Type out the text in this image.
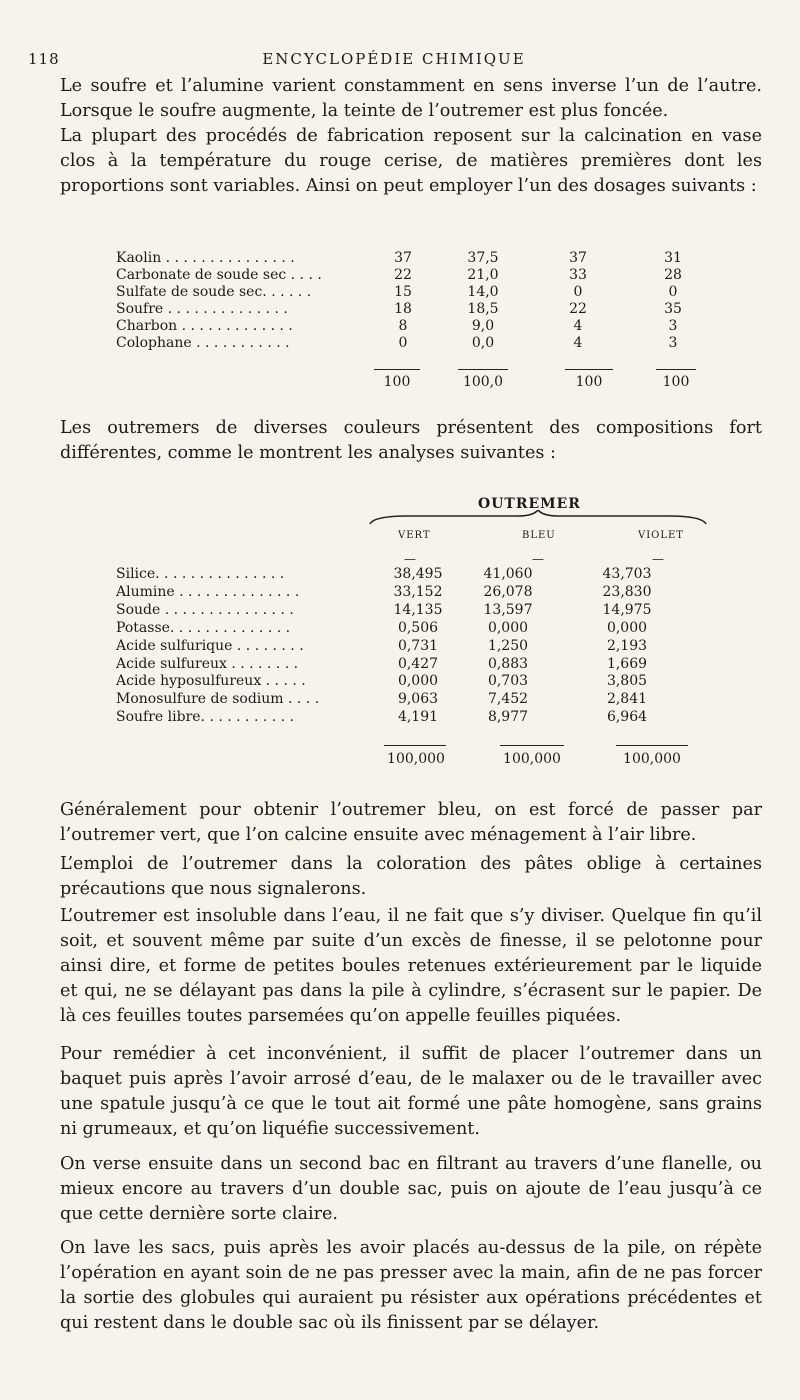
118	ENCYCLOPÉDIE CHIMIQUE

Le soufre et l’alumine varient constamment en sens inverse l’un de l’autre. Lorsque le soufre augmente, la teinte de l’outremer est plus foncée.

La plupart des procédés de fabrication reposent sur la calcination en vase clos à la température du rouge cerise, de matières premières dont les proportions sont variables. Ainsi on peut employer l’un des dosages suivants :

Kaolin . . . . . . . . . . . . . . .	37	37,5	37	31
Carbonate de soude sec . . . .	22	21,0	33	28
Sulfate de soude sec. . . . . .	15	14,0	0	0
Soufre . . . . . . . . . . . . . .	18	18,5	22	35
Charbon . . . . . . . . . . . . .	8	9,0	4	3
Colophane . . . . . . . . . . .	0	0,0	4	3
100	100,0	100	100

Les outremers de diverses couleurs présentent des compositions fort différentes, comme le montrent les analyses suivantes :

OUTREMER
VERT	BLEU	VIOLET
—	—	—
Silice. . . . . . . . . . . . . . .	38,495	41,060	43,703
Alumine . . . . . . . . . . . . . .	33,152	26,078	23,830
Soude . . . . . . . . . . . . . . .	14,135	13,597	14,975
Potasse. . . . . . . . . . . . . .	0,506	0,000	0,000
Acide sulfurique . . . . . . . .	0,731	1,250	2,193
Acide sulfureux . . . . . . . .	0,427	0,883	1,669
Acide hyposulfureux . . . . .	0,000	0,703	3,805
Monosulfure de sodium . . . .	9,063	7,452	2,841
Soufre libre. . . . . . . . . . .	4,191	8,977	6,964
100,000	100,000	100,000

Généralement pour obtenir l’outremer bleu, on est forcé de passer par l’outremer vert, que l’on calcine ensuite avec ménagement à l’air libre.

L’emploi de l’outremer dans la coloration des pâtes oblige à certaines précautions que nous signalerons.

L’outremer est insoluble dans l’eau, il ne fait que s’y diviser. Quelque fin qu’il soit, et souvent même par suite d’un excès de finesse, il se pelotonne pour ainsi dire, et forme de petites boules retenues extérieurement par le liquide et qui, ne se délayant pas dans la pile à cylindre, s’écrasent sur le papier. De là ces feuilles toutes parsemées qu’on appelle feuilles piquées.

Pour remédier à cet inconvénient, il suffit de placer l’outremer dans un baquet puis après l’avoir arrosé d’eau, de le malaxer ou de le travailler avec une spatule jusqu’à ce que le tout ait formé une pâte homogène, sans grains ni grumeaux, et qu’on liquéfie successivement.

On verse ensuite dans un second bac en filtrant au travers d’une flanelle, ou mieux encore au travers d’un double sac, puis on ajoute de l’eau jusqu’à ce que cette dernière sorte claire.

On lave les sacs, puis après les avoir placés au-dessus de la pile, on répète l’opération en ayant soin de ne pas presser avec la main, afin de ne pas forcer la sortie des globules qui auraient pu résister aux opérations précédentes et qui restent dans le double sac où ils finissent par se délayer.
